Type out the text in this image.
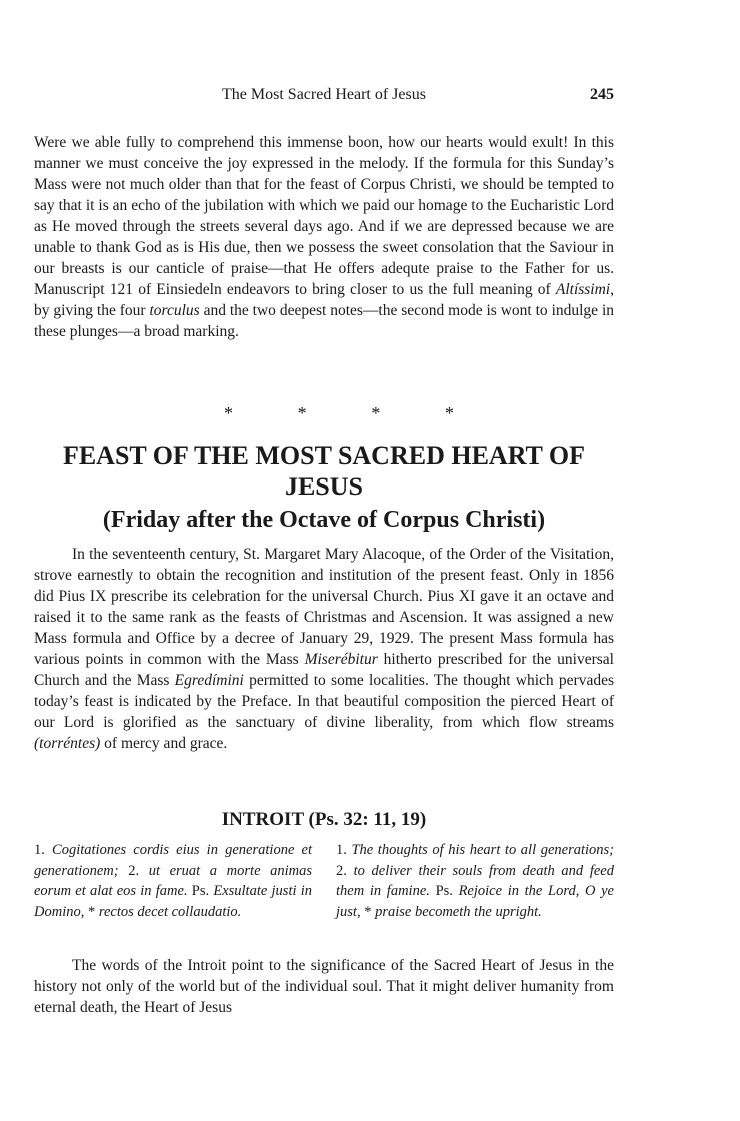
The Most Sacred Heart of Jesus	245

Were we able fully to comprehend this immense boon, how our hearts would exult! In this manner we must conceive the joy expressed in the melody. If the formula for this Sunday’s Mass were not much older than that for the feast of Corpus Christi, we should be tempted to say that it is an echo of the jubilation with which we paid our homage to the Eucharistic Lord as He moved through the streets several days ago. And if we are depressed because we are unable to thank God as is His due, then we possess the sweet consolation that the Saviour in our breasts is our canticle of praise—that He offers adequte praise to the Father for us. Manuscript 121 of Einsiedeln endeavors to bring closer to us the full meaning of Altíssimi, by giving the four torculus and the two deepest notes—the second mode is wont to indulge in these plunges—a broad marking.

*	*	*	*
FEAST OF THE MOST SACRED HEART OF
JESUS
(Friday after the Octave of Corpus Christi)

In the seventeenth century, St. Margaret Mary Alacoque, of the Order of the Visitation, strove earnestly to obtain the recognition and institution of the present feast. Only in 1856 did Pius IX prescribe its celebration for the universal Church. Pius XI gave it an octave and raised it to the same rank as the feasts of Christmas and Ascension. It was assigned a new Mass formula and Office by a decree of January 29, 1929. The present Mass formula has various points in common with the Mass Miserébitur hitherto prescribed for the universal Church and the Mass Egredímini permitted to some localities. The thought which pervades today’s feast is indicated by the Preface. In that beautiful composition the pierced Heart of our Lord is glorified as the sanctuary of divine liberality, from which flow streams (torréntes) of mercy and grace.

INTROIT (Ps. 32: 11, 19)
1. Cogitationes cordis eius in generatione et generationem; 2. ut eruat a morte animas eorum et alat eos in fame. Ps. Exsultate justi in Domino, * rectos decet collaudatio.
1. The thoughts of his heart to all generations; 2. to deliver their souls from death and feed them in famine. Ps. Rejoice in the Lord, O ye just, * praise becometh the upright.

The words of the Introit point to the significance of the Sacred Heart of Jesus in the history not only of the world but of the individual soul. That it might deliver humanity from eternal death, the Heart of Jesus
